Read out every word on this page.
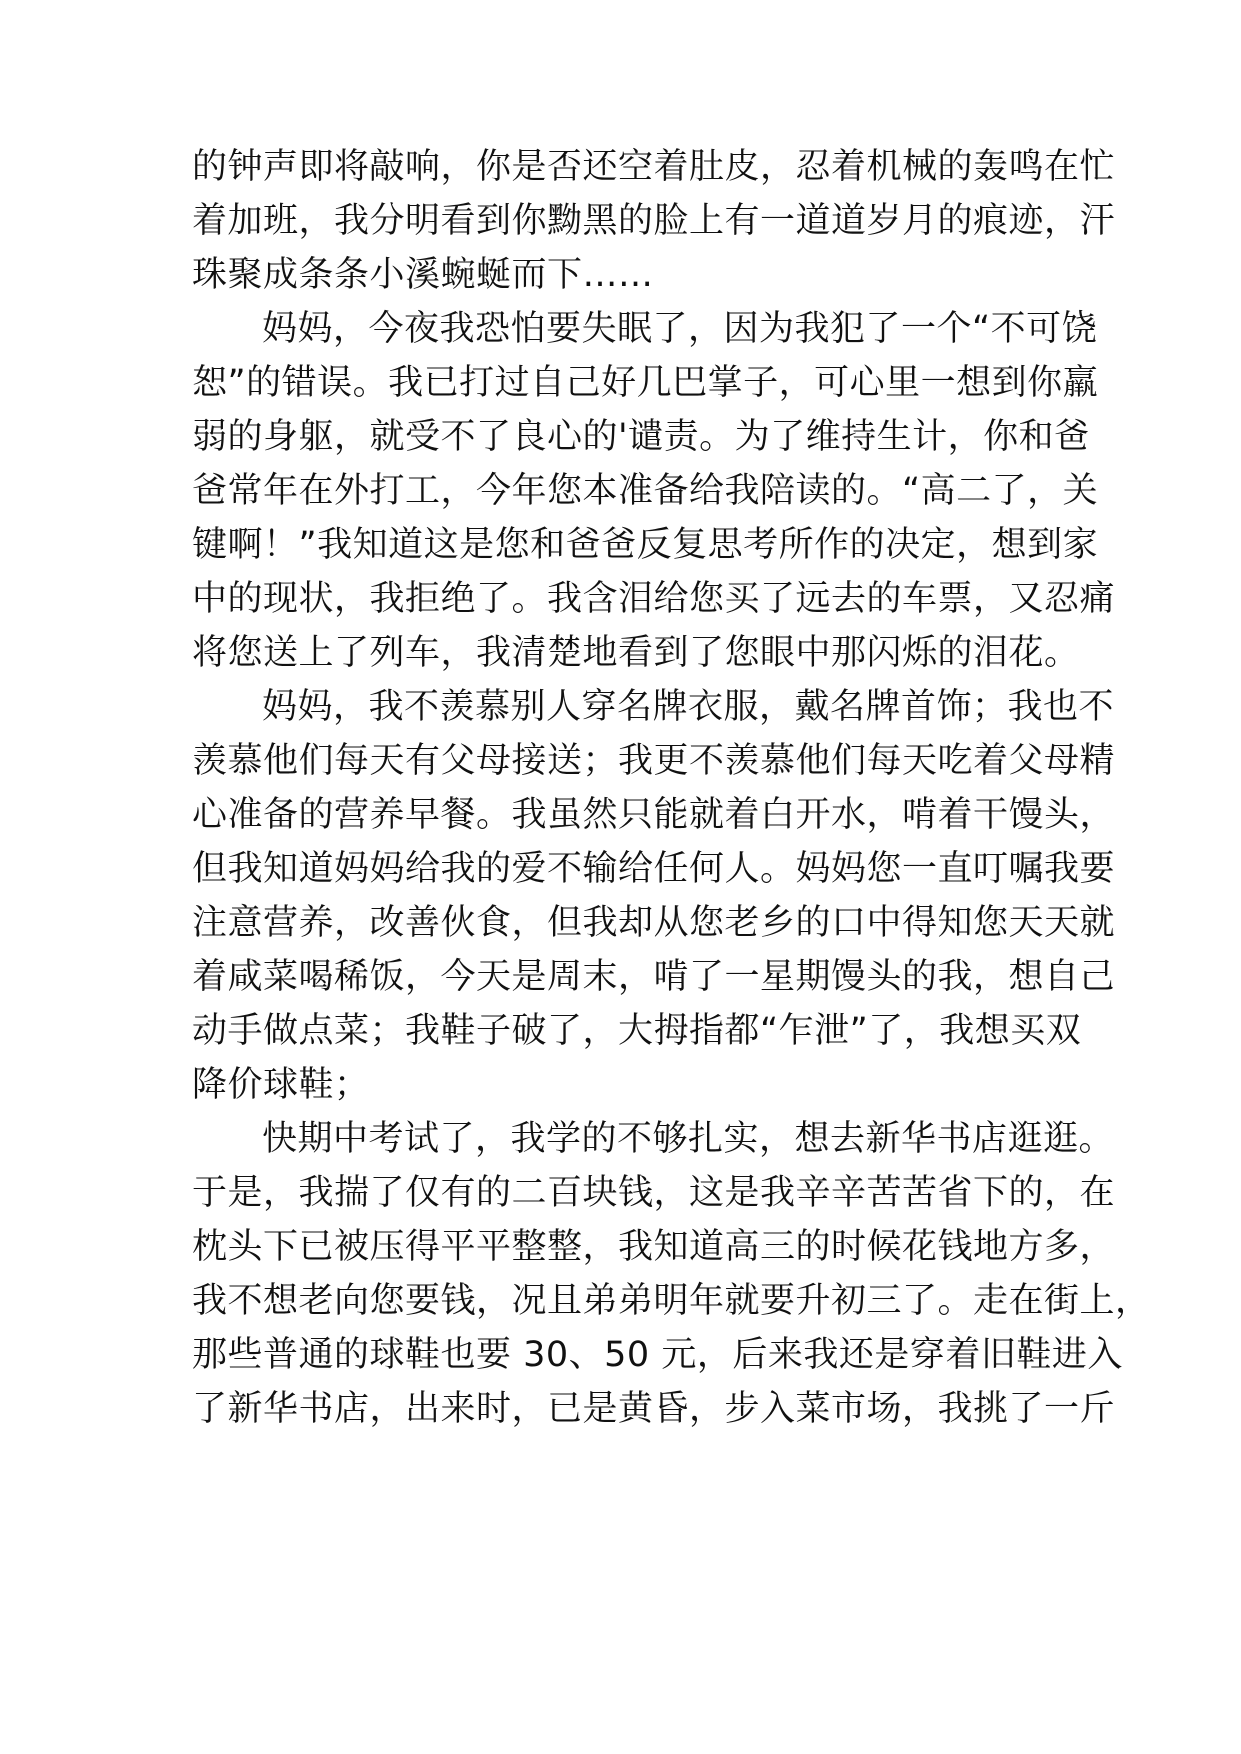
的钟声即将敲响，你是否还空着肚皮，忍着机械的轰鸣在忙
着加班，我分明看到你黝黑的脸上有一道道岁月的痕迹，汗
珠聚成条条小溪蜿蜒而下……
妈妈，今夜我恐怕要失眠了，因为我犯了一个“不可饶
恕”的错误。我已打过自己好几巴掌子，可心里一想到你羸
弱的身躯，就受不了良心的'谴责。为了维持生计，你和爸
爸常年在外打工，今年您本准备给我陪读的。“高二了，关
键啊！”我知道这是您和爸爸反复思考所作的决定，想到家
中的现状，我拒绝了。我含泪给您买了远去的车票，又忍痛
将您送上了列车，我清楚地看到了您眼中那闪烁的泪花。
妈妈，我不羡慕别人穿名牌衣服，戴名牌首饰；我也不
羡慕他们每天有父母接送；我更不羡慕他们每天吃着父母精
心准备的营养早餐。我虽然只能就着白开水，啃着干馒头，
但我知道妈妈给我的爱不输给任何人。妈妈您一直叮嘱我要
注意营养，改善伙食，但我却从您老乡的口中得知您天天就
着咸菜喝稀饭，今天是周末，啃了一星期馒头的我，想自己
动手做点菜；我鞋子破了，大拇指都“乍泄”了，我想买双
降价球鞋；
快期中考试了，我学的不够扎实，想去新华书店逛逛。
于是，我揣了仅有的二百块钱，这是我辛辛苦苦省下的，在
枕头下已被压得平平整整，我知道高三的时候花钱地方多，
我不想老向您要钱，况且弟弟明年就要升初三了。走在街上，
那些普通的球鞋也要 30、50 元，后来我还是穿着旧鞋进入
了新华书店，出来时，已是黄昏，步入菜市场，我挑了一斤
